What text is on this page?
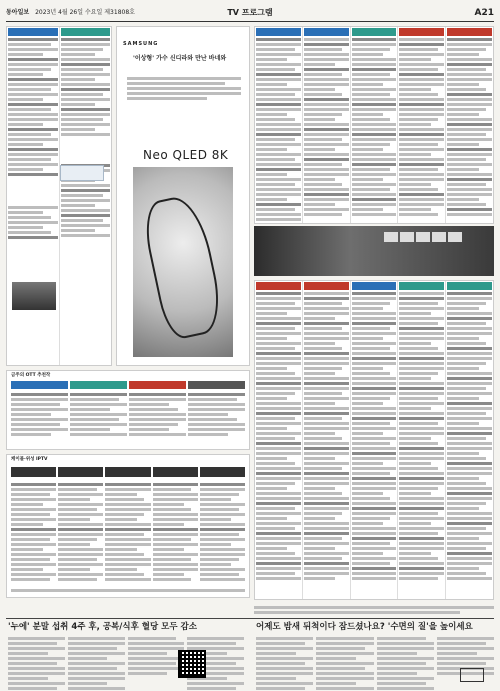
동아일보 2023년 4월 26일 수요일 제31808호	TV 프로그램	A21
SAMSUNG
'이상형' 가수 신디라와 만난 바네와
Neo QLED 8K
금주의 OTT 추천작
케이블·위성 IPTV
'누에' 분말 섭취 4주 후, 공복/식후 혈당 모두 감소	어제도 밤새 뒤척이다 잠드셨나요? '수면의 질'을 높이세요
